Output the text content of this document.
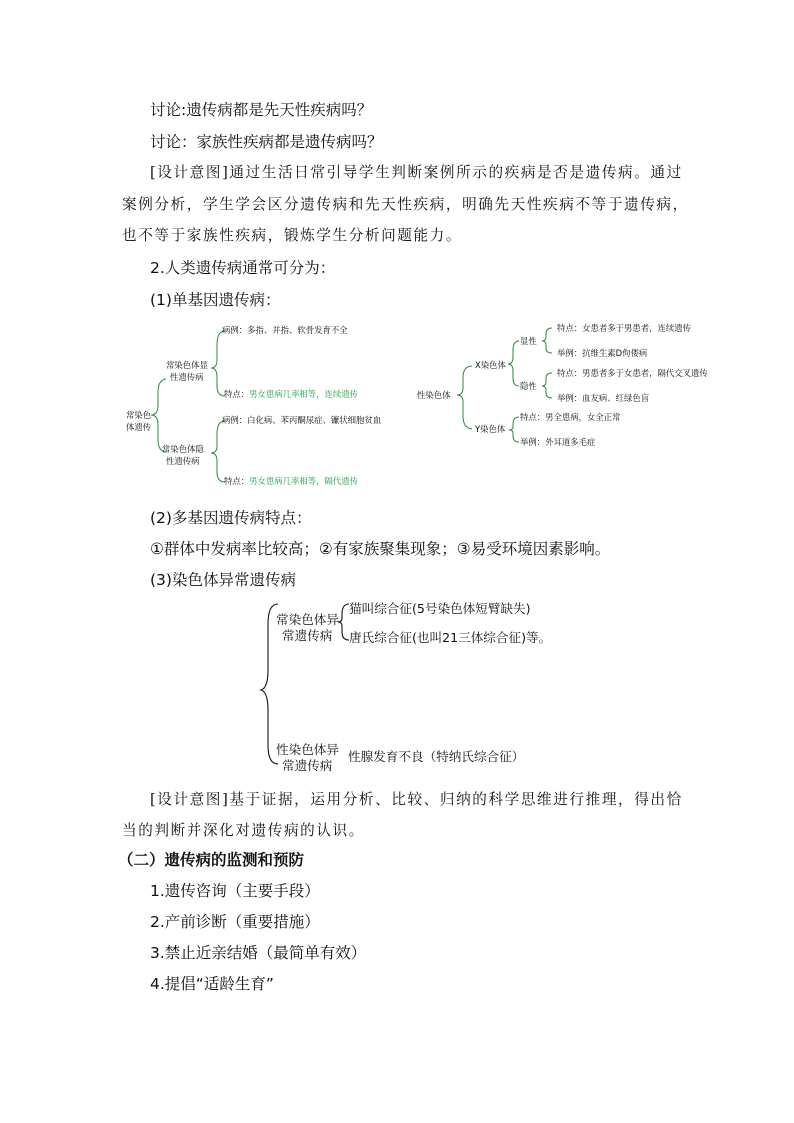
讨论:遗传病都是先天性疾病吗？
讨论：家族性疾病都是遗传病吗？
[设计意图]通过生活日常引导学生判断案例所示的疾病是否是遗传病。通过
案例分析，学生学会区分遗传病和先天性疾病，明确先天性疾病不等于遗传病，
也不等于家族性疾病，锻炼学生分析问题能力。
2.人类遗传病通常可分为：
(1)单基因遗传病：
常染色
体遗传
常染色体显
性遗传病
病例：多指、并指、软骨发育不全
特点：男女患病几率相等，连续遗传
常染色体隐
性遗传病
病例：白化病、苯丙酮尿症、镰状细胞贫血
特点：男女患病几率相等，隔代遗传
性染色体
X染色体
显性
特点：女患者多于男患者，连续遗传
举例：抗维生素D佝偻病
隐性
特点：男患者多于女患者，隔代交叉遗传
举例：血友病、红绿色盲
Y染色体
特点：男全患病，女全正常
举例：外耳道多毛症
(2)多基因遗传病特点：
①群体中发病率比较高；②有家族聚集现象；③易受环境因素影响。
(3)染色体异常遗传病
常染色体异
常遗传病
猫叫综合征(5号染色体短臂缺失)
唐氏综合征(也叫21三体综合征)等。
性染色体异
常遗传病
性腺发育不良（特纳氏综合征）
[设计意图]基于证据，运用分析、比较、归纳的科学思维进行推理，得出恰
当的判断并深化对遗传病的认识。
（二）遗传病的监测和预防
1.遗传咨询（主要手段）
2.产前诊断（重要措施）
3.禁止近亲结婚（最简单有效）
4.提倡“适龄生育”
